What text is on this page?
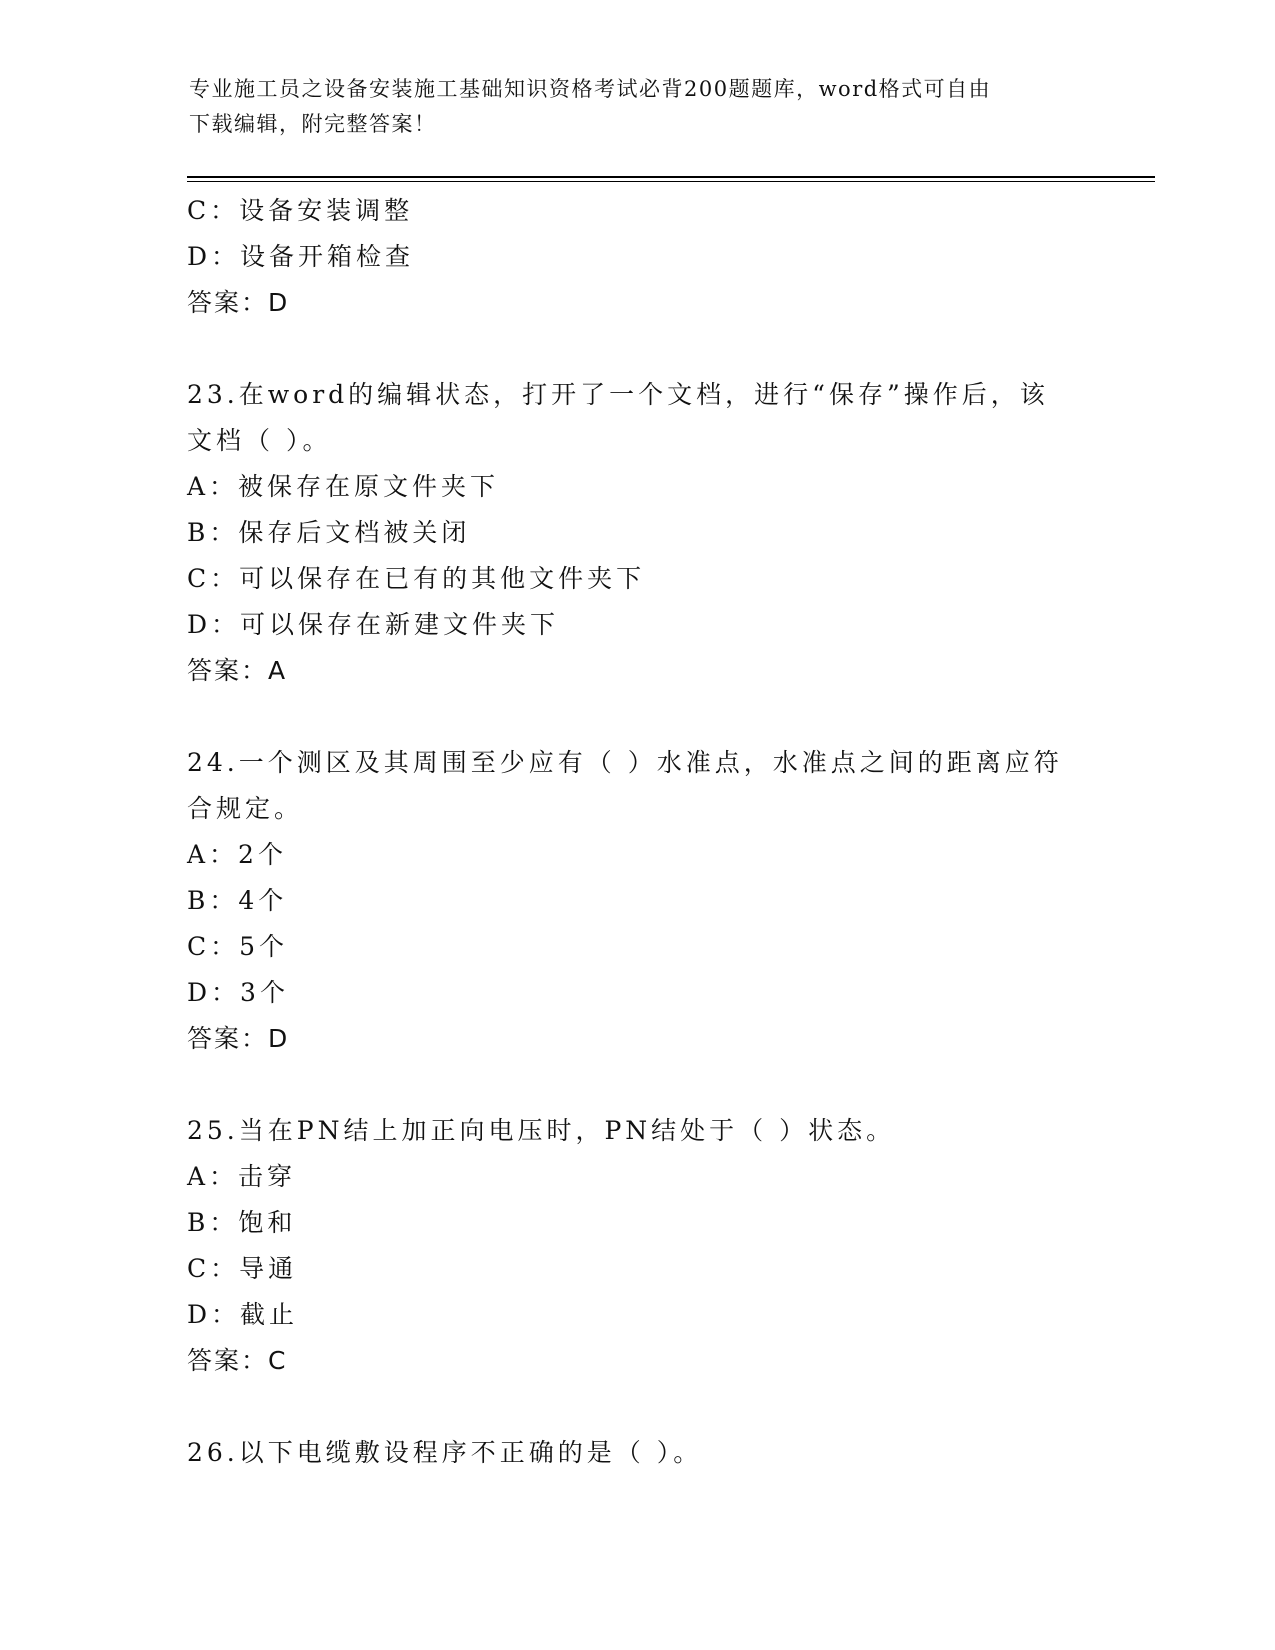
专业施工员之设备安装施工基础知识资格考试必背200题题库，word格式可自由
下载编辑，附完整答案！
C：设备安装调整
D：设备开箱检查
答案：D
23.在word的编辑状态，打开了一个文档，进行“保存”操作后，该
文档（ ）。
A：被保存在原文件夹下
B：保存后文档被关闭
C：可以保存在已有的其他文件夹下
D：可以保存在新建文件夹下
答案：A
24.一个测区及其周围至少应有（ ）水准点，水准点之间的距离应符
合规定。
A：2个
B：4个
C：5个
D：3个
答案：D
25.当在PN结上加正向电压时，PN结处于（ ）状态。
A：击穿
B：饱和
C：导通
D：截止
答案：C
26.以下电缆敷设程序不正确的是（ ）。
